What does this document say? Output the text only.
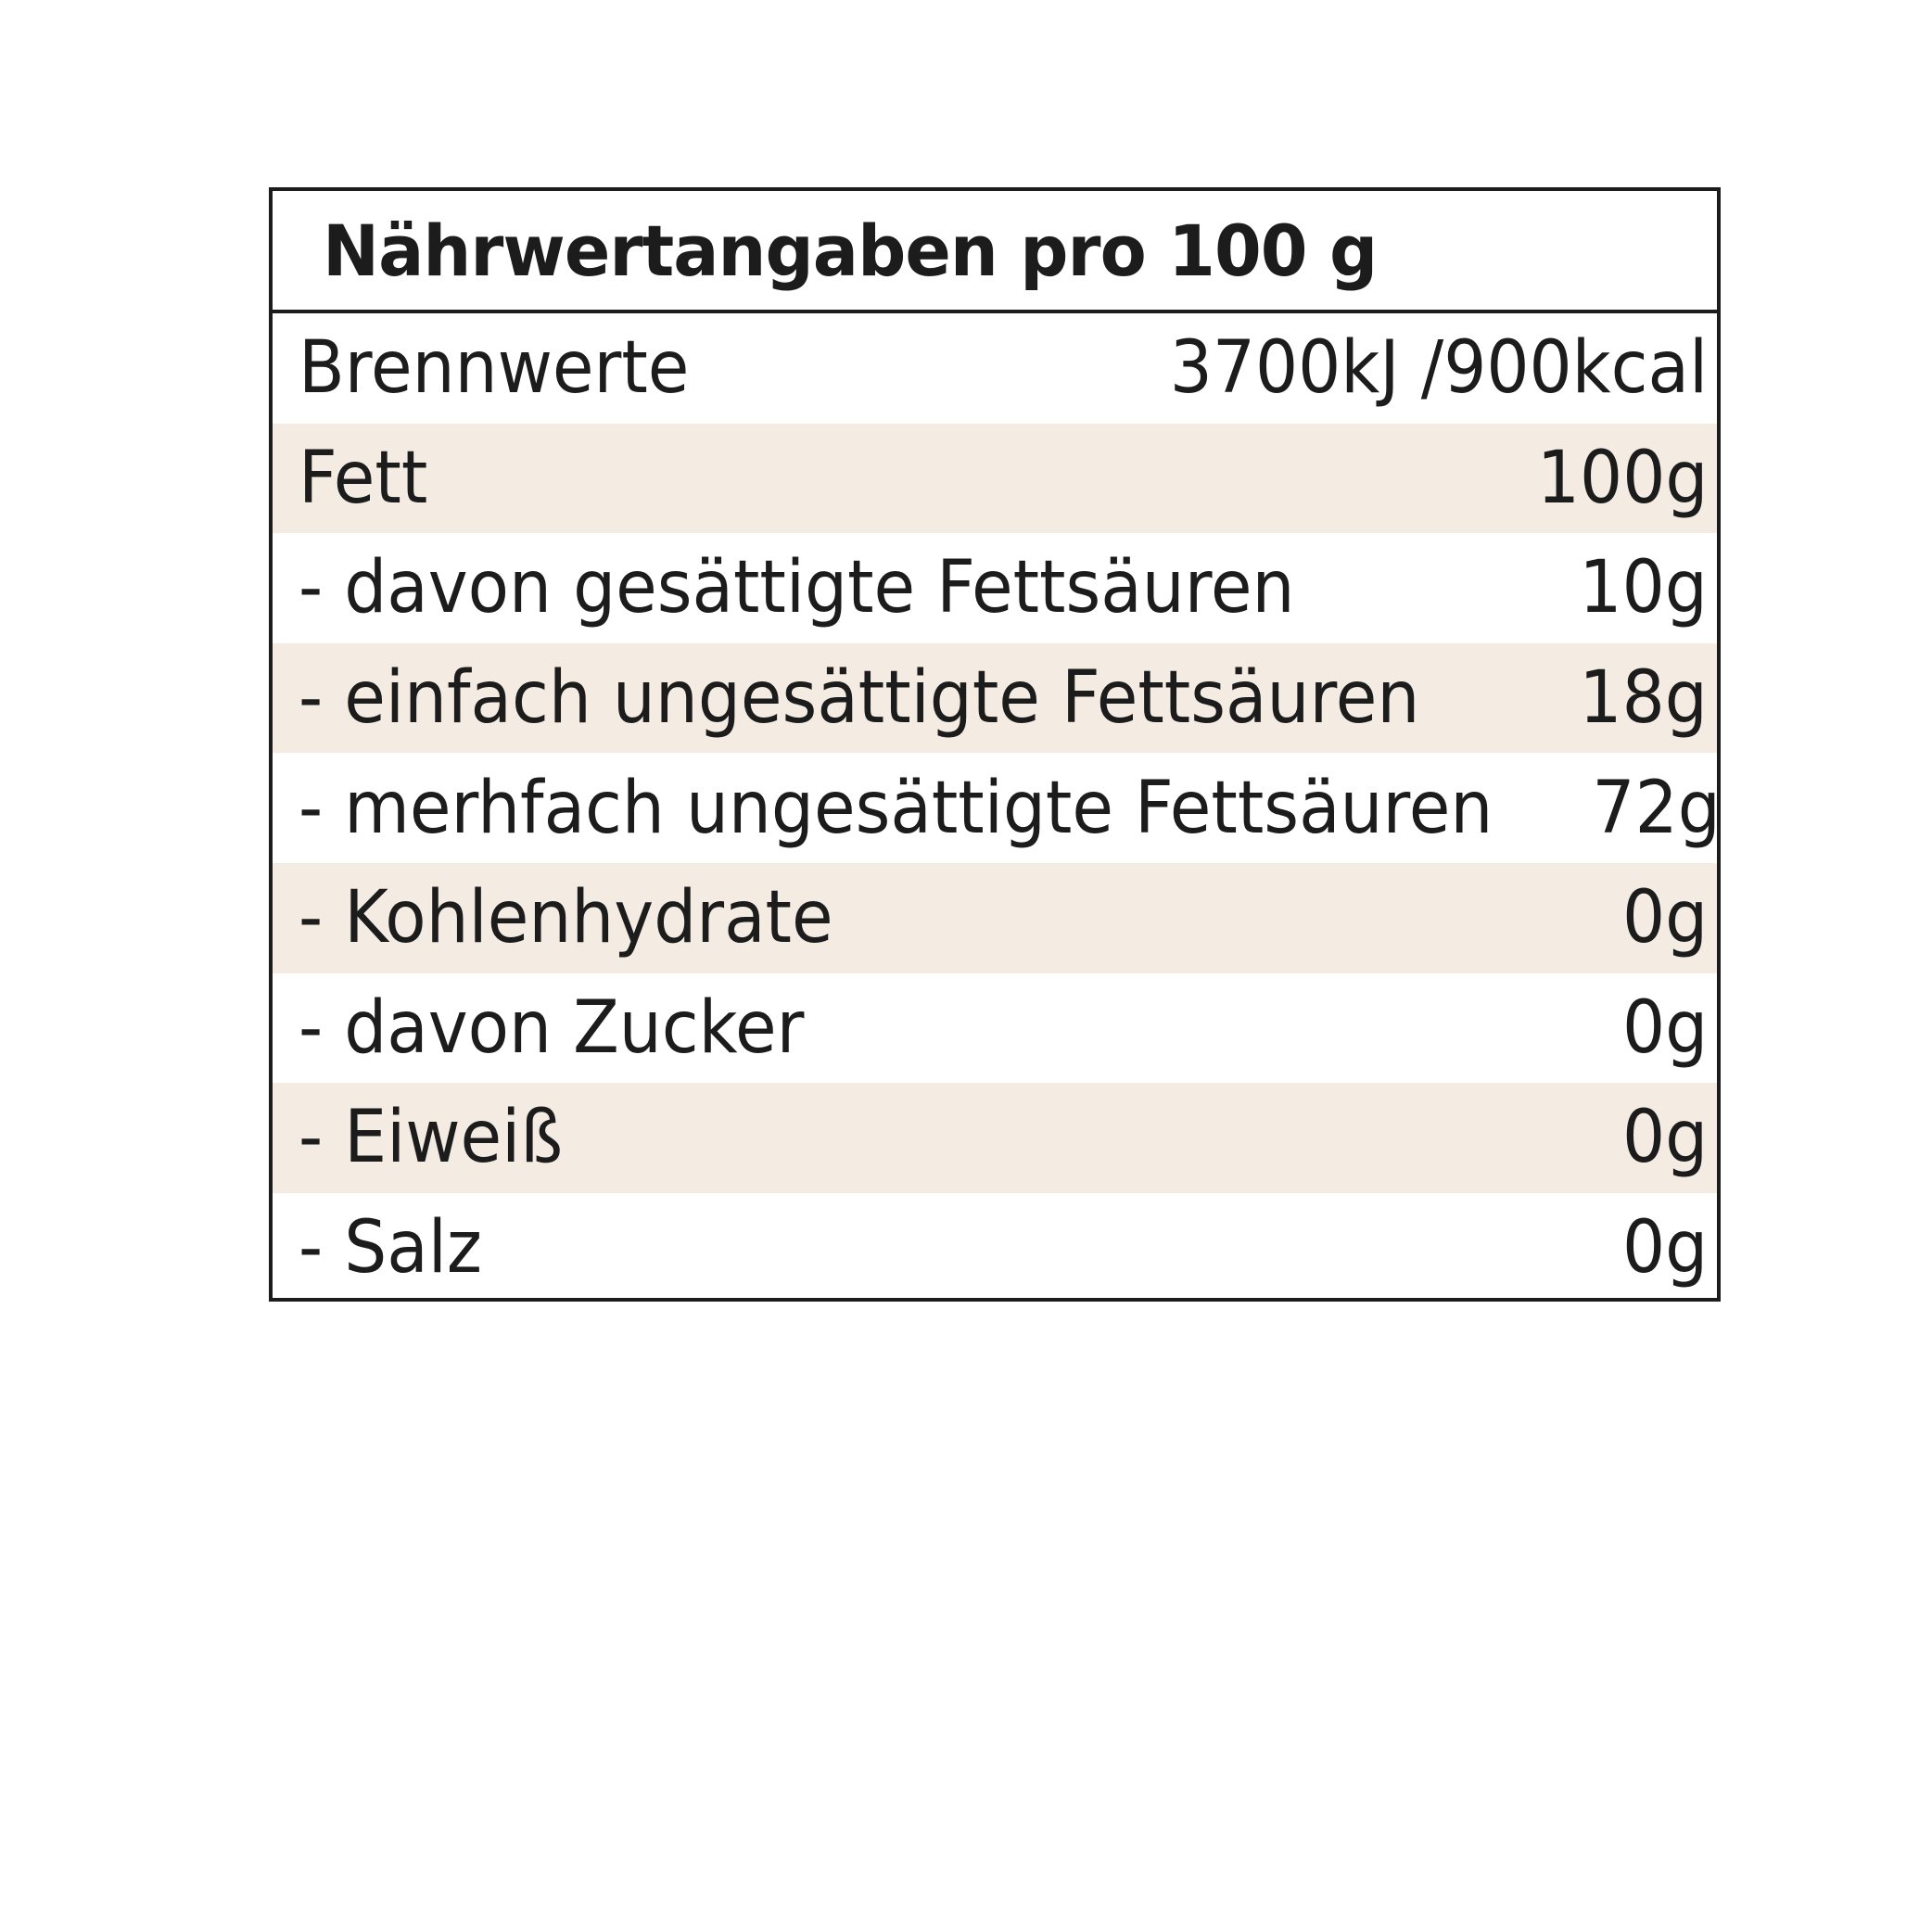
Nährwertangaben pro 100 g
Brennwerte	3700kJ /900kcal
Fett	100g
- davon gesättigte Fettsäuren	10g
- einfach ungesättigte Fettsäuren 18g
- merhfach ungesättigte Fettsäuren 72g
- Kohlenhydrate	0g
- davon Zucker	0g
- Eiweiß	0g
- Salz	0g
